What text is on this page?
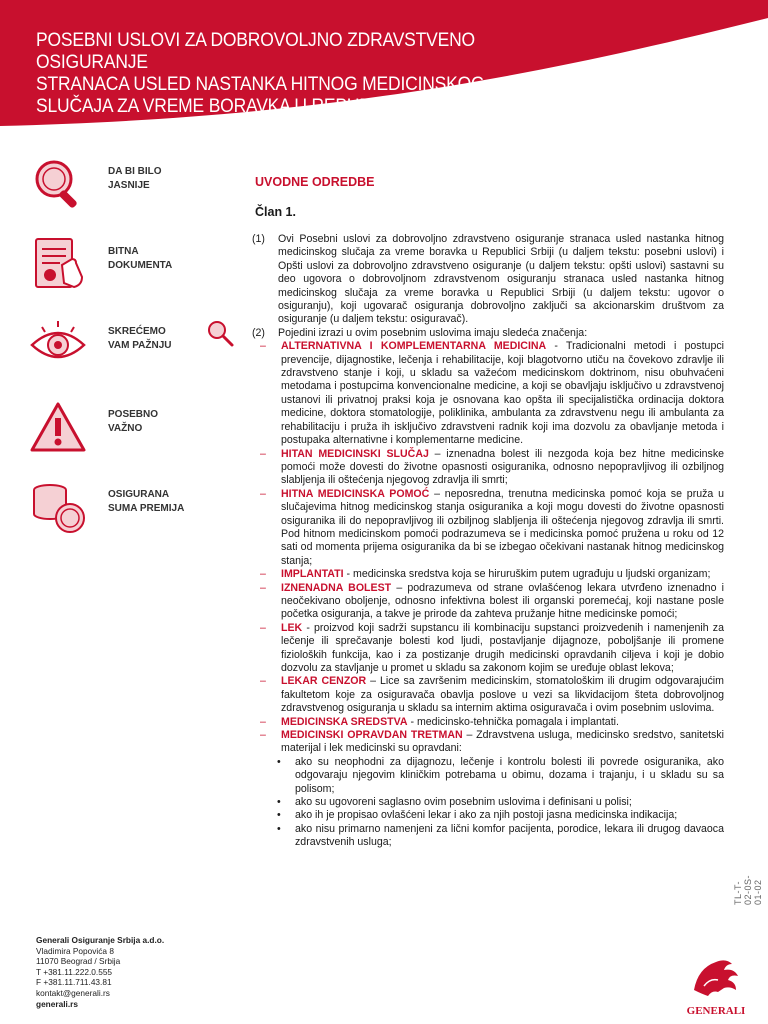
POSEBNI USLOVI ZA DOBROVOLJNO ZDRAVSTVENO OSIGURANJE
STRANACA USLED NASTANKA HITNOG MEDICINSKOG
SLUČAJA ZA VREME BORAVKA U REPUBLICI SRBIJI
DA BI BILO
JASNIJE
BITNA
DOKUMENTA
SKREĆEMO
VAM PAŽNJU
POSEBNO
VAŽNO
OSIGURANA
SUMA PREMIJA
UVODNE ODREDBE
Član 1.
(1) Ovi Posebni uslovi za dobrovoljno zdravstveno osiguranje stranaca usled nastanka hitnog medicinskog slučaja za vreme boravka u Republici Srbiji (u daljem tekstu: posebni uslovi) i Opšti uslovi za dobrovoljno zdravstveno osiguranje (u daljem tekstu: opšti uslovi) sastavni su deo ugovora o dobrovoljnom zdravstvenom osiguranju stranaca usled nastanka hitnog medicinskog slučaja za vreme boravka u Republici Srbiji (u daljem tekstu: ugovor o osiguranju), koji ugovarač osiguranja dobrovoljno zaključi sa akcionarskim društvom za osiguranje (u daljem tekstu: osiguravač).
(2) Pojedini izrazi u ovim posebnim uslovima imaju sledeća značenja:
– ALTERNATIVNA I KOMPLEMENTARNA MEDICINA - Tradicionalni metodi i postupci prevencije, dijagnostike, lečenja i rehabilitacije, koji blagotvorno utiču na čovekovo zdravlje ili zdravstveno stanje i koji, u skladu sa važećom medicinskom doktrinom, nisu obuhvaćeni metodama i postupcima konvencionalne medicine, a koji se obavljaju isključivo u zdravstvenoj ustanovi ili privatnoj praksi koja je osnovana kao opšta ili specijalistička ordinacija doktora medicine, doktora stomatologije, poliklinika, ambulanta za zdravstvenu negu ili ambulanta za rehabilitaciju i pruža ih isključivo zdravstveni radnik koji ima dozvolu za obavljanje metoda i postupaka alternativne i komplementarne medicine.
– HITAN MEDICINSKI SLUČAJ – iznenadna bolest ili nezgoda koja bez hitne medicinske pomoći može dovesti do životne opasnosti osiguranika, odnosno nepopravljivog ili ozbiljnog slabljenja ili oštećenja njegovog zdravlja ili smrti;
– HITNA MEDICINSKA POMOĆ – neposredna, trenutna medicinska pomoć koja se pruža u slučajevima hitnog medicinskog stanja osiguranika a koji mogu dovesti do životne opasnosti osiguranika ili do nepopravljivog ili ozbiljnog slabljenja ili oštećenja njegovog zdravlja ili smrti. Pod hitnom medicinskom pomoći podrazumeva se i medicinska pomoć pružena u roku od 12 sati od momenta prijema osiguranika da bi se izbegao očekivani nastanak hitnog medicinskog stanja;
– IMPLANTATI - medicinska sredstva koja se hiruruškim putem ugrađuju u ljudski organizam;
– IZNENADNA BOLEST – podrazumeva od strane ovlašćenog lekara utvrđeno iznenadno i neočekivano oboljenje, odnosno infektivna bolest ili organski poremećaj, koji nastane posle početka osiguranja, a takve je prirode da zahteva pružanje hitne medicinske pomoći;
– LEK - proizvod koji sadrži supstancu ili kombinaciju supstanci proizvedenih i namenjenih za lečenje ili sprečavanje bolesti kod ljudi, postavljanje dijagnoze, poboljšanje ili promene fizioloških funkcija, kao i za postizanje drugih medicinski opravdanih ciljeva i koji je dobio dozvolu za stavljanje u promet u skladu sa zakonom kojim se uređuje oblast lekova;
– LEKAR CENZOR – Lice sa završenim medicinskim, stomatološkim ili drugim odgovarajućim fakultetom koje za osiguravača obavlja poslove u vezi sa likvidacijom šteta dobrovoljnog zdravstvenog osiguranja u skladu sa internim aktima osiguravača i ovim posebnim uslovima.
– MEDICINSKA SREDSTVA - medicinsko-tehnička pomagala i implantati.
– MEDICINSKI OPRAVDAN TRETMAN – Zdravstvena usluga, medicinsko sredstvo, sanitetski materijal i lek medicinski su opravdani:
• ako su neophodni za dijagnozu, lečenje i kontrolu bolesti ili povrede osiguranika, ako odgovaraju njegovim kliničkim potrebama u obimu, dozama i trajanju, i u skladu su sa polisom;
• ako su ugovoreni saglasno ovim posebnim uslovima i definisani u polisi;
• ako ih je propisao ovlašćeni lekar i ako za njih postoji jasna medicinska indikacija;
• ako nisu primarno namenjeni za lični komfor pacijenta, porodice, lekara ili drugog davaoca zdravstvenih usluga;
TL-T-02-0S-01-02
Generali Osiguranje Srbija a.d.o.
Vladimira Popovića 8
11070 Beograd / Srbija
T +381.11.222.0.555
F +381.11.711.43.81
kontakt@generali.rs
generali.rs
GENERALI
